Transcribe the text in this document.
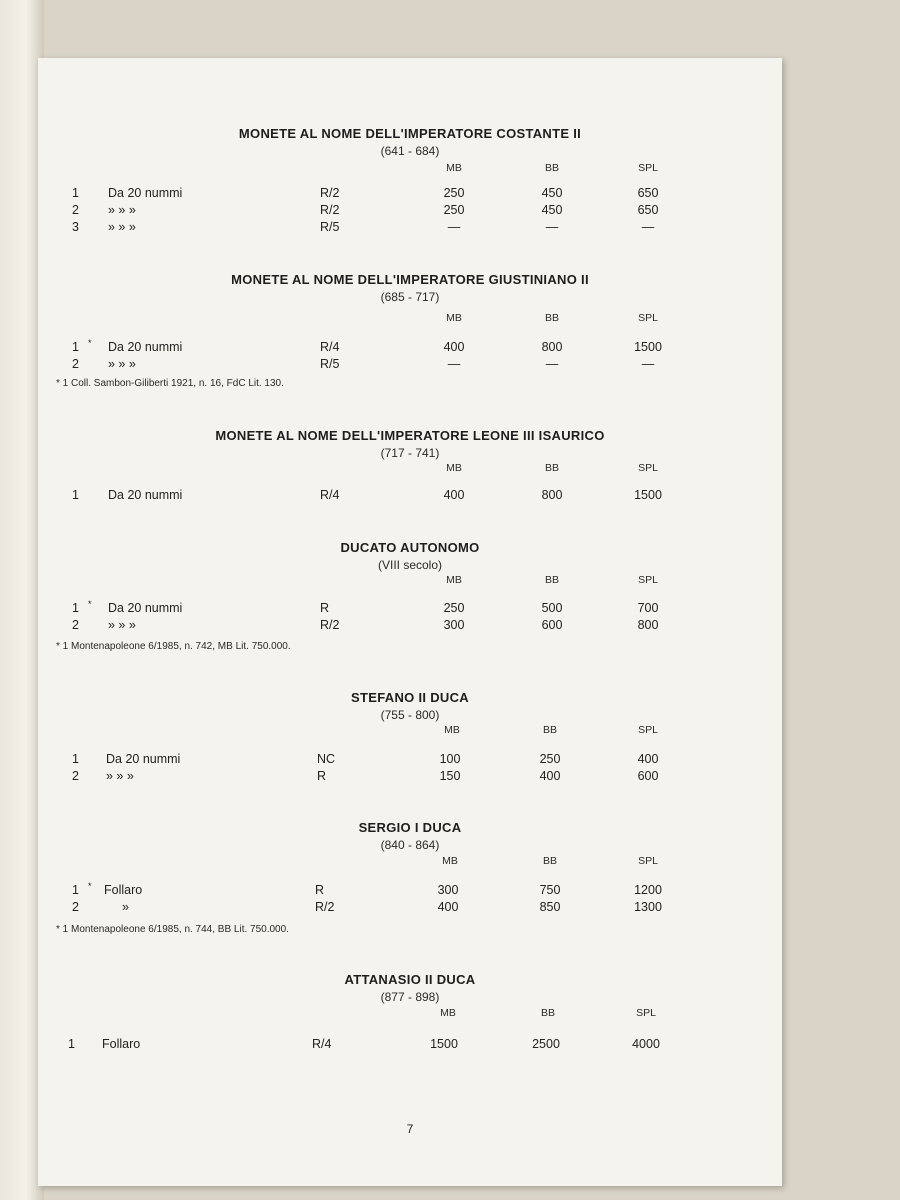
MONETE AL NOME DELL'IMPERATORE COSTANTE II
(641 - 684)
MB	BB	SPL
1 Da 20 nummi	R/2	250	450	650
2 » » »	R/2	250	450	650
3 » » »	R/5	—	—	—
MONETE AL NOME DELL'IMPERATORE GIUSTINIANO II
(685 - 717)
MB	BB	SPL
1 * Da 20 nummi	R/4	400	800	1500
2 » » »	R/5	—	—	—
* 1 Coll. Sambon-Giliberti 1921, n. 16, FdC Lit. 130.
MONETE AL NOME DELL'IMPERATORE LEONE III ISAURICO
(717 - 741)
MB	BB	SPL
1 Da 20 nummi	R/4	400	800	1500
DUCATO AUTONOMO
(VIII secolo)
MB	BB	SPL
1 * Da 20 nummi	R	250	500	700
2 » » »	R/2	300	600	800
* 1 Montenapoleone 6/1985, n. 742, MB Lit. 750.000.
STEFANO II DUCA
(755 - 800)
MB	BB	SPL
1 Da 20 nummi	NC	100	250	400
2 » » »	R	150	400	600
SERGIO I DUCA
(840 - 864)
MB	BB	SPL
1 * Follaro	R	300	750	1200
2	»	R/2	400	850	1300
* 1 Montenapoleone 6/1985, n. 744, BB Lit. 750.000.
ATTANASIO II DUCA
(877 - 898)
MB	BB	SPL
1 Follaro	R/4	1500	2500	4000
7
